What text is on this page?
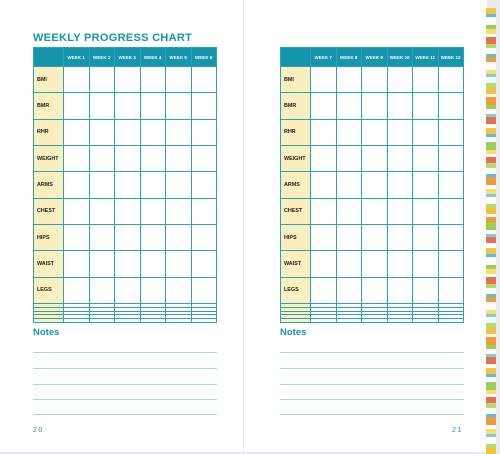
WEEKLY PROGRESS CHART
	WEEK 1	WEEK 2	WEEK 3	WEEK 4	WEEK 5	WEEK 6
BMI						
BMR						
RHR						
WEIGHT						
ARMS						
CHEST						
HIPS						
WAIST						
LEGS						

Notes
20
	WEEK 7	WEEK 8	WEEK 9	WEEK 10	WEEK 11	WEEK 12
BMI						
BMR						
RHR						
WEIGHT						
ARMS						
CHEST						
HIPS						
WAIST						
LEGS						

Notes
21
